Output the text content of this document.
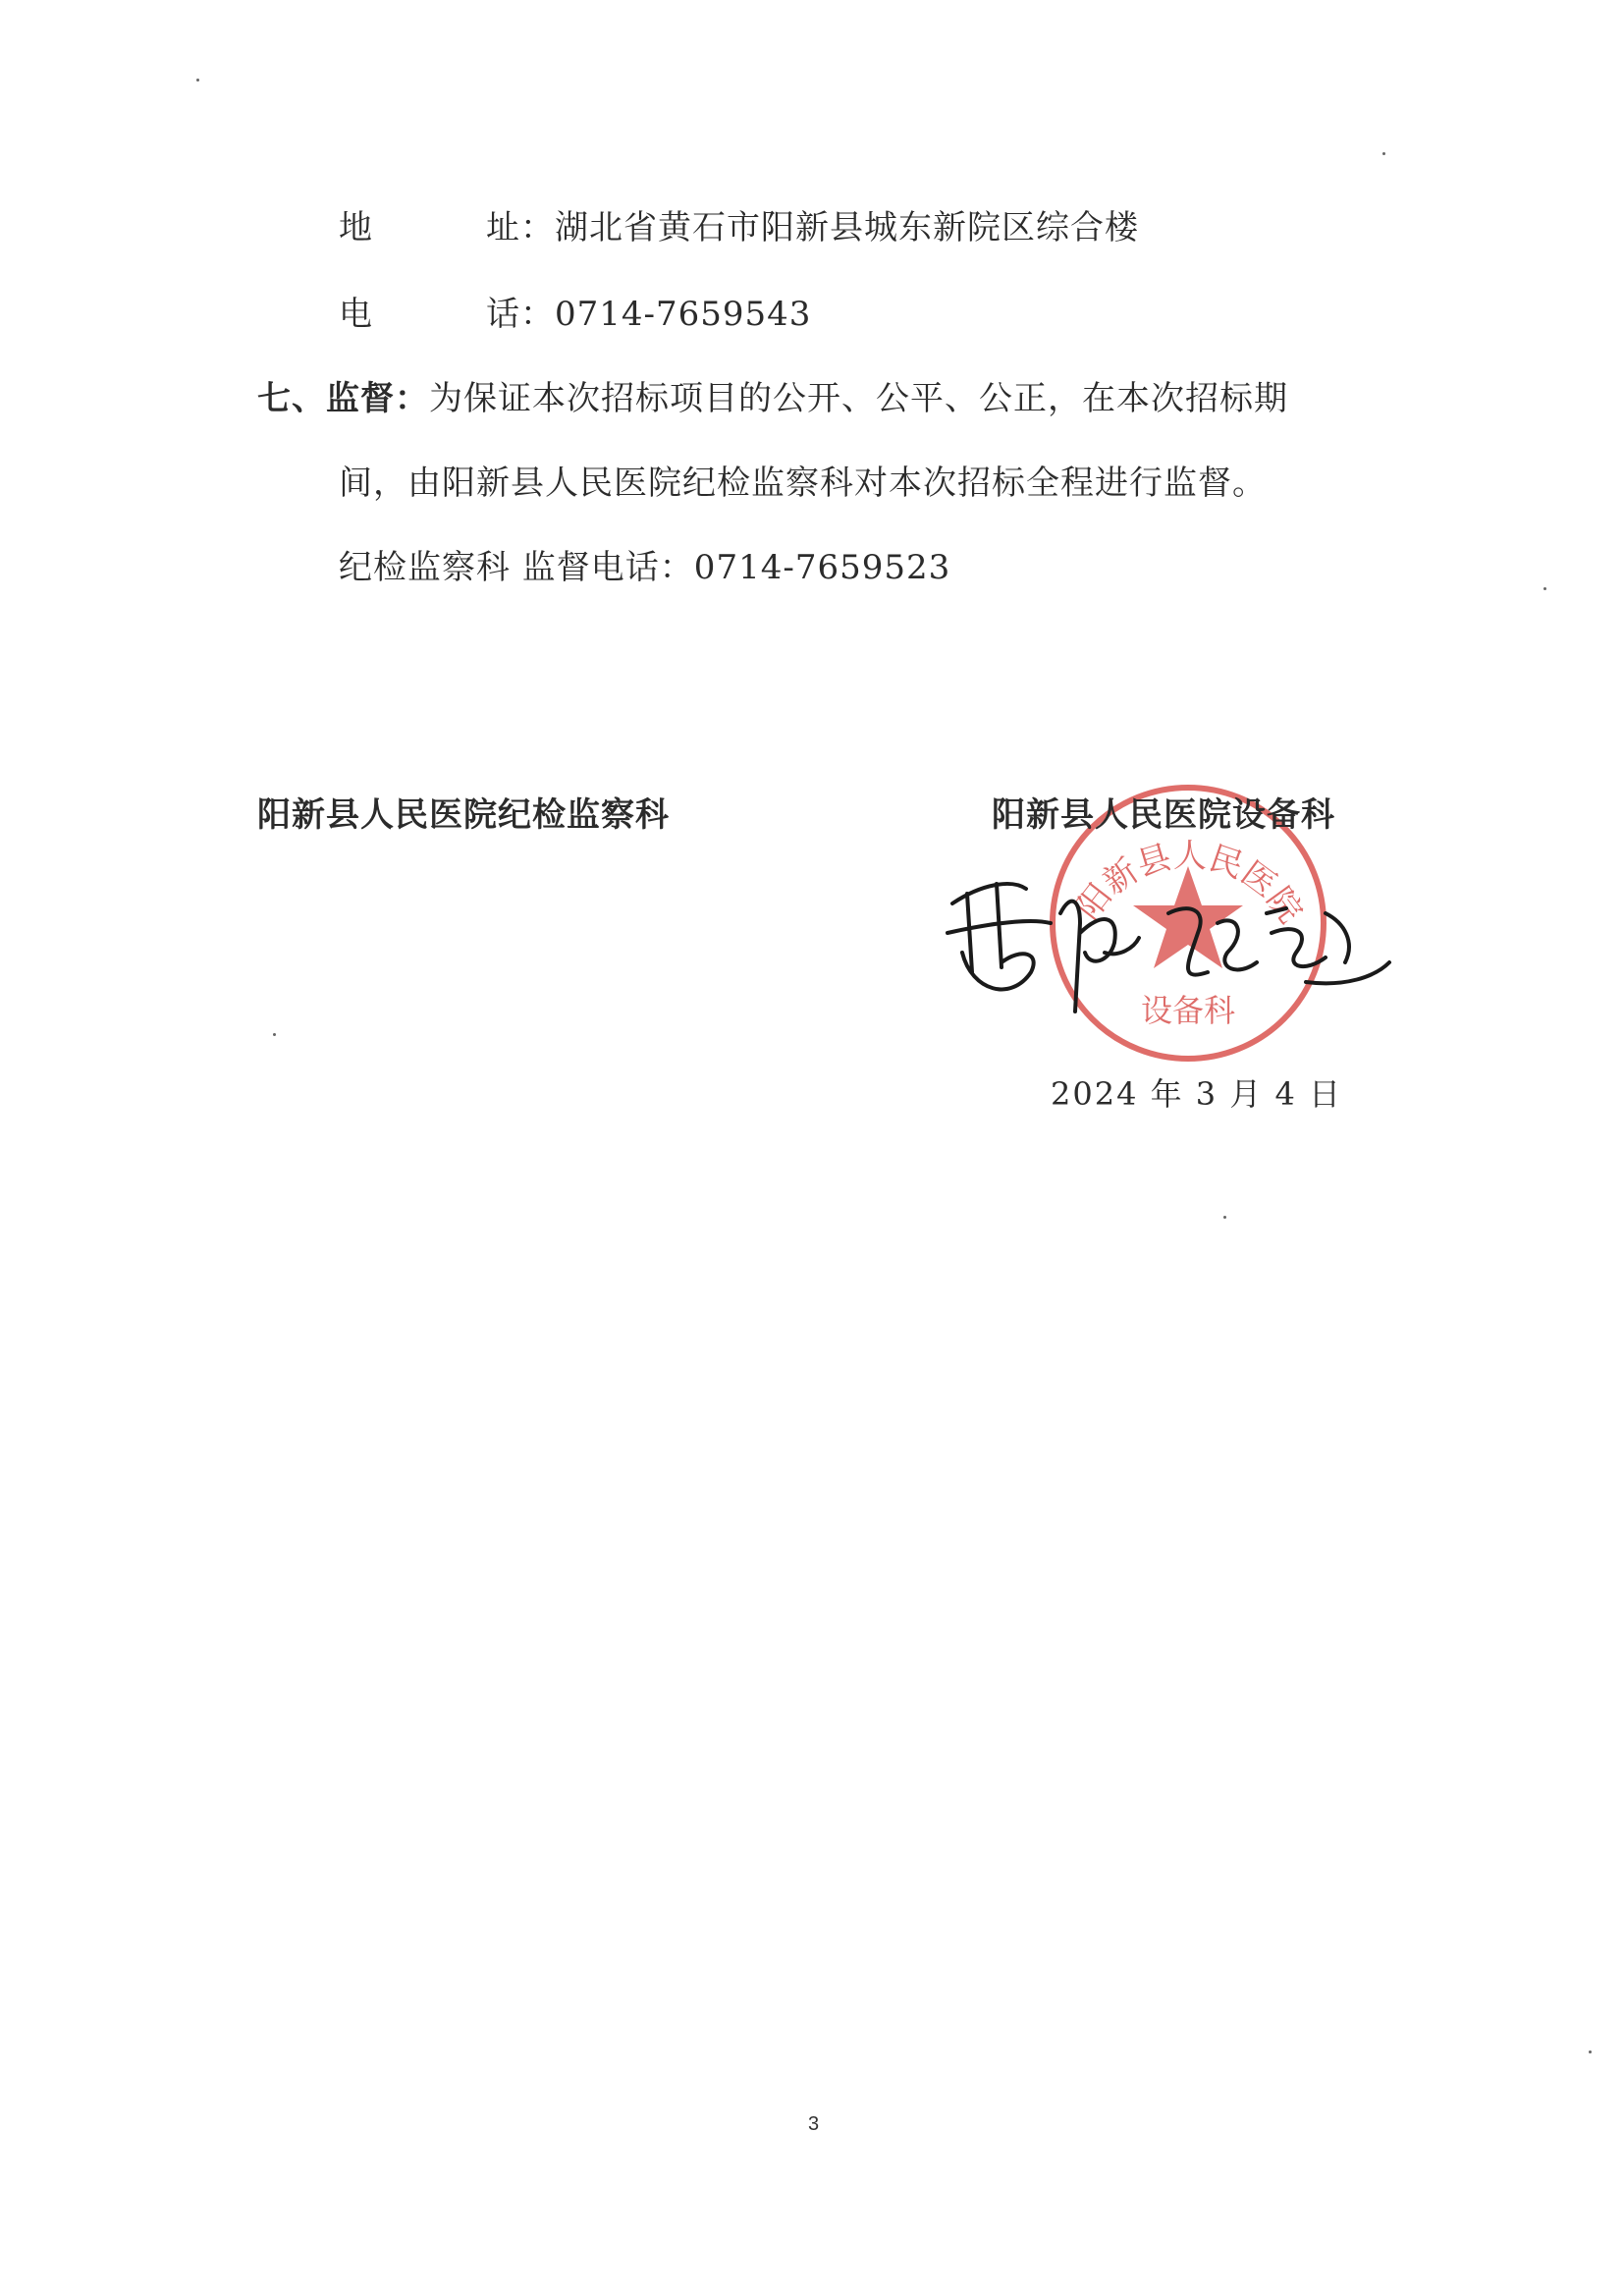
地	址：湖北省黄石市阳新县城东新院区综合楼
电	话：0714-7659543
七、监督：为保证本次招标项目的公开、公平、公正，在本次招标期
间，由阳新县人民医院纪检监察科对本次招标全程进行监督。
纪检监察科 监督电话：0714-7659523
阳新县人民医院纪检监察科
阳新县人民医院
设备科
阳新县人民医院设备科
2024 年 3 月 4 日
3
